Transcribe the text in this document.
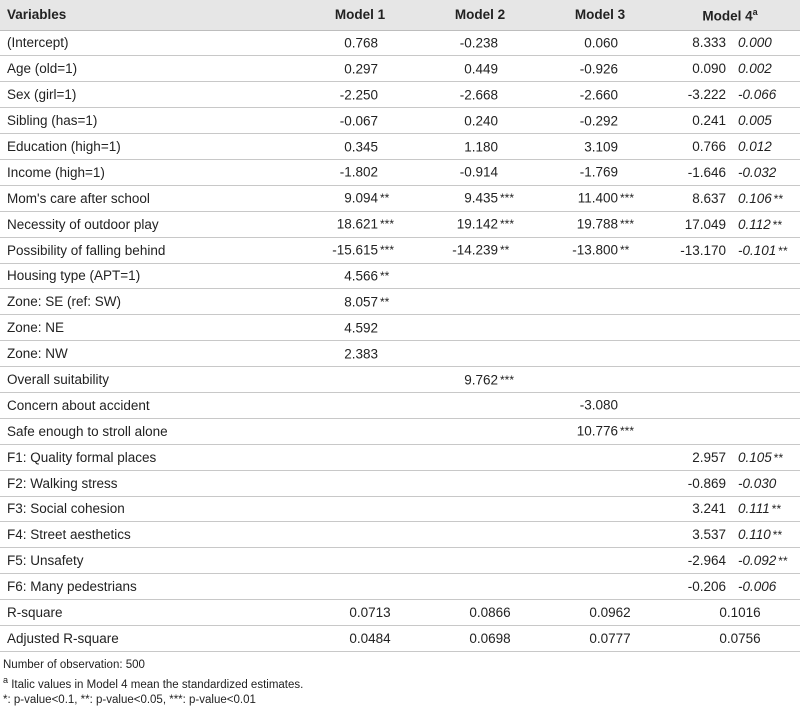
Variables	Model 1	Model 2	Model 3	Model 4$^a$
(Intercept)	0.768	-0.238	0.060	8.333	0.000
Age (old=1)	0.297	0.449	-0.926	0.090	0.002
Sex (girl=1)	-2.250	-2.668	-2.660	-3.222	-0.066
Sibling (has=1)	-0.067	0.240	-0.292	0.241	0.005
Education (high=1)	0.345	1.180	3.109	0.766	0.012
Income (high=1)	-1.802	-0.914	-1.769	-1.646	-0.032
Mom's care after school	9.094 **	9.435 ***	11.400 ***	8.637	0.106 **
Necessity of outdoor play	18.621 ***	19.142 ***	19.788 ***	17.049	0.112 **
Possibility of falling behind	-15.615 ***	-14.239 **	-13.800 **	-13.170	-0.101 **
Housing type (APT=1)	4.566 **				

Zone: SE (ref: SW)	8.057 **				

Zone: NE	4.592				

Zone: NW	2.383				

Overall suitability		9.762 ***			

Concern about accident			-3.080		

Safe enough to stroll alone			10.776 ***		

F1: Quality formal places				2.957	0.105 **
F2: Walking stress				-0.869	-0.030
F3: Social cohesion				3.241	0.111 **
F4: Street aesthetics				3.537	0.110 **
F5: Unsafety				-2.964	-0.092 **
F6: Many pedestrians				-0.206	-0.006
R-square	0.0713	0.0866	0.0962	0.1016	
Adjusted R-square	0.0484	0.0698	0.0777	0.0756	
Number of observation: 500
$^a$ Italic values in Model 4 mean the standardized estimates.
*: p-value<0.1, **: p-value<0.05, ***: p-value<0.01
